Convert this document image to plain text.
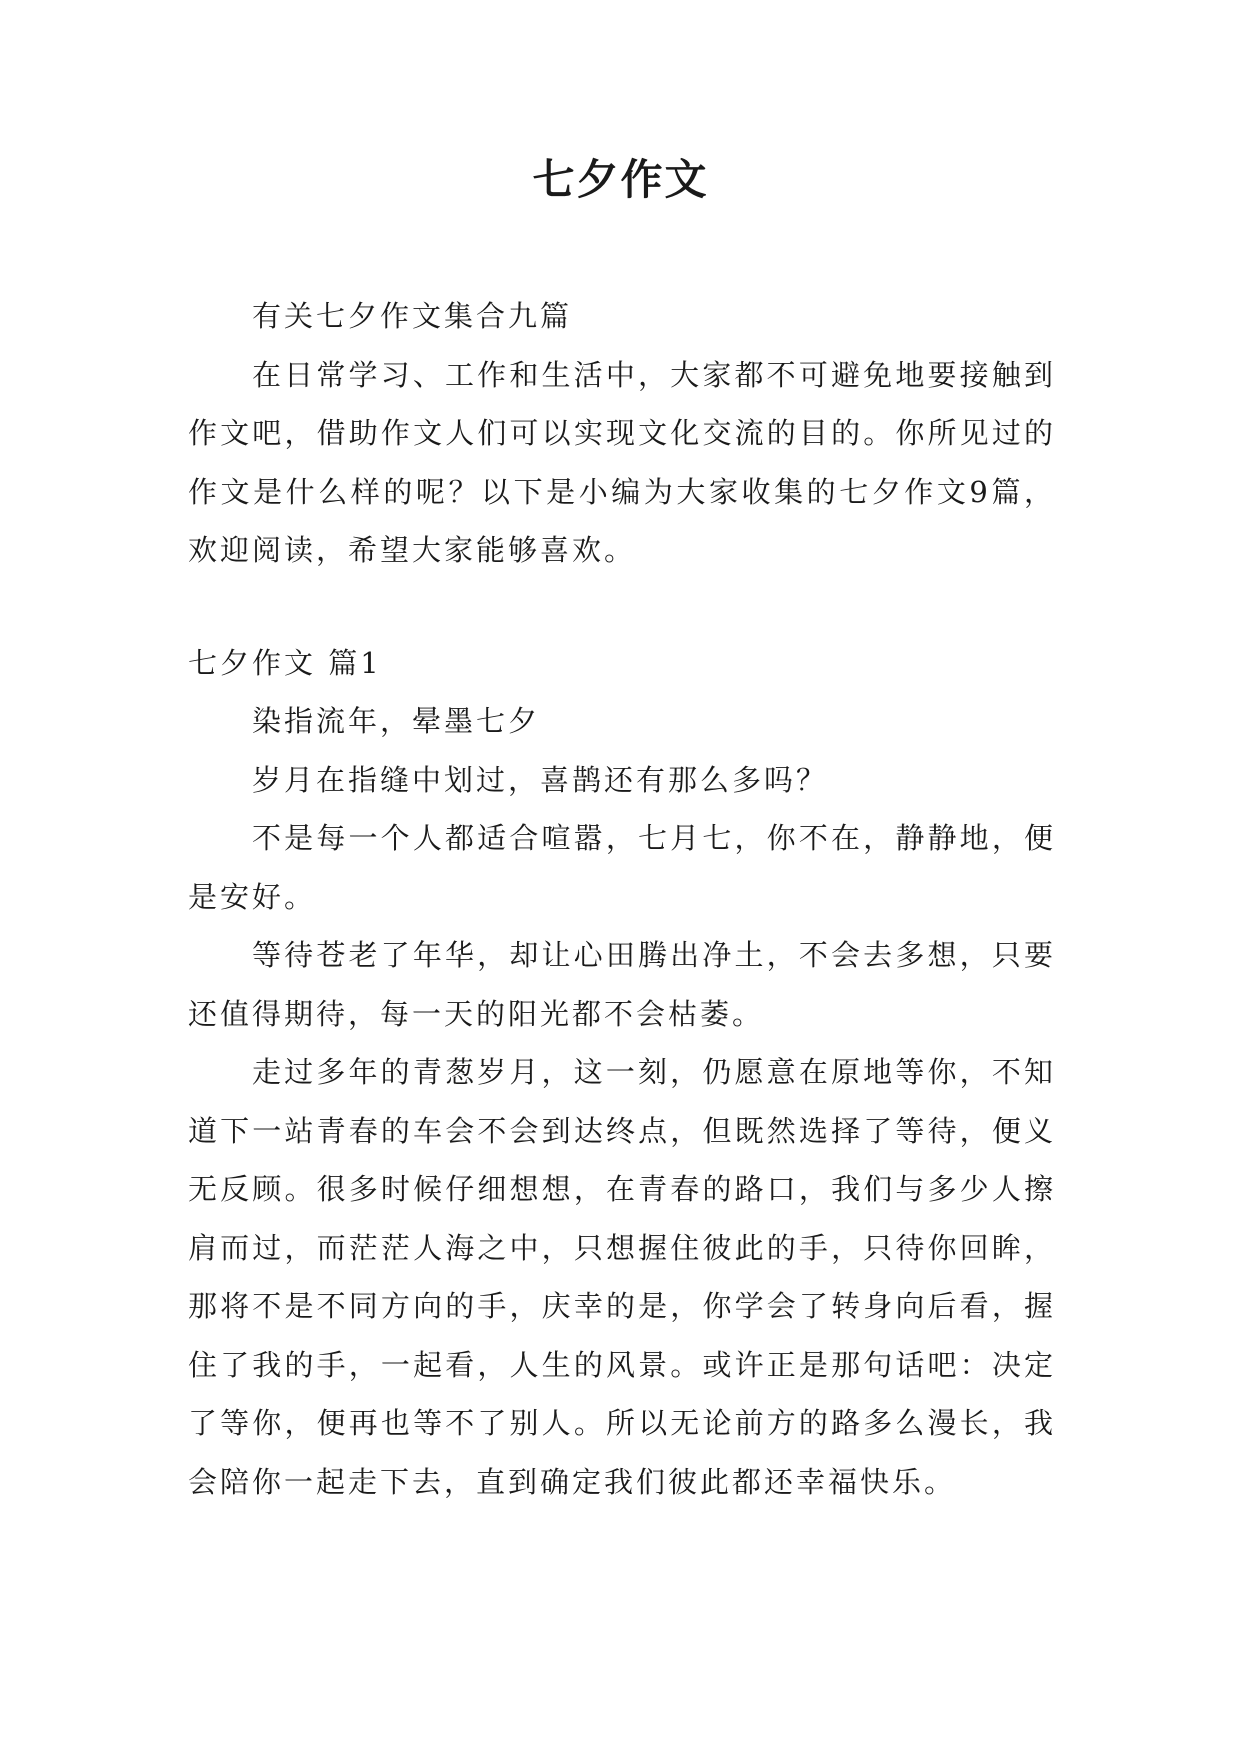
七夕作文

有关七夕作文集合九篇

在日常学习、工作和生活中，大家都不可避免地要接触到作文吧，借助作文人们可以实现文化交流的目的。你所见过的作文是什么样的呢？以下是小编为大家收集的七夕作文9篇，欢迎阅读，希望大家能够喜欢。

七夕作文 篇1

染指流年，晕墨七夕

岁月在指缝中划过，喜鹊还有那么多吗？

不是每一个人都适合喧嚣，七月七，你不在，静静地，便是安好。

等待苍老了年华，却让心田腾出净土，不会去多想，只要还值得期待，每一天的阳光都不会枯萎。

走过多年的青葱岁月，这一刻，仍愿意在原地等你，不知道下一站青春的车会不会到达终点，但既然选择了等待，便义无反顾。很多时候仔细想想，在青春的路口，我们与多少人擦肩而过，而茫茫人海之中，只想握住彼此的手，只待你回眸，那将不是不同方向的手，庆幸的是，你学会了转身向后看，握住了我的手，一起看，人生的风景。或许正是那句话吧：决定了等你，便再也等不了别人。所以无论前方的路多么漫长，我会陪你一起走下去，直到确定我们彼此都还幸福快乐。
